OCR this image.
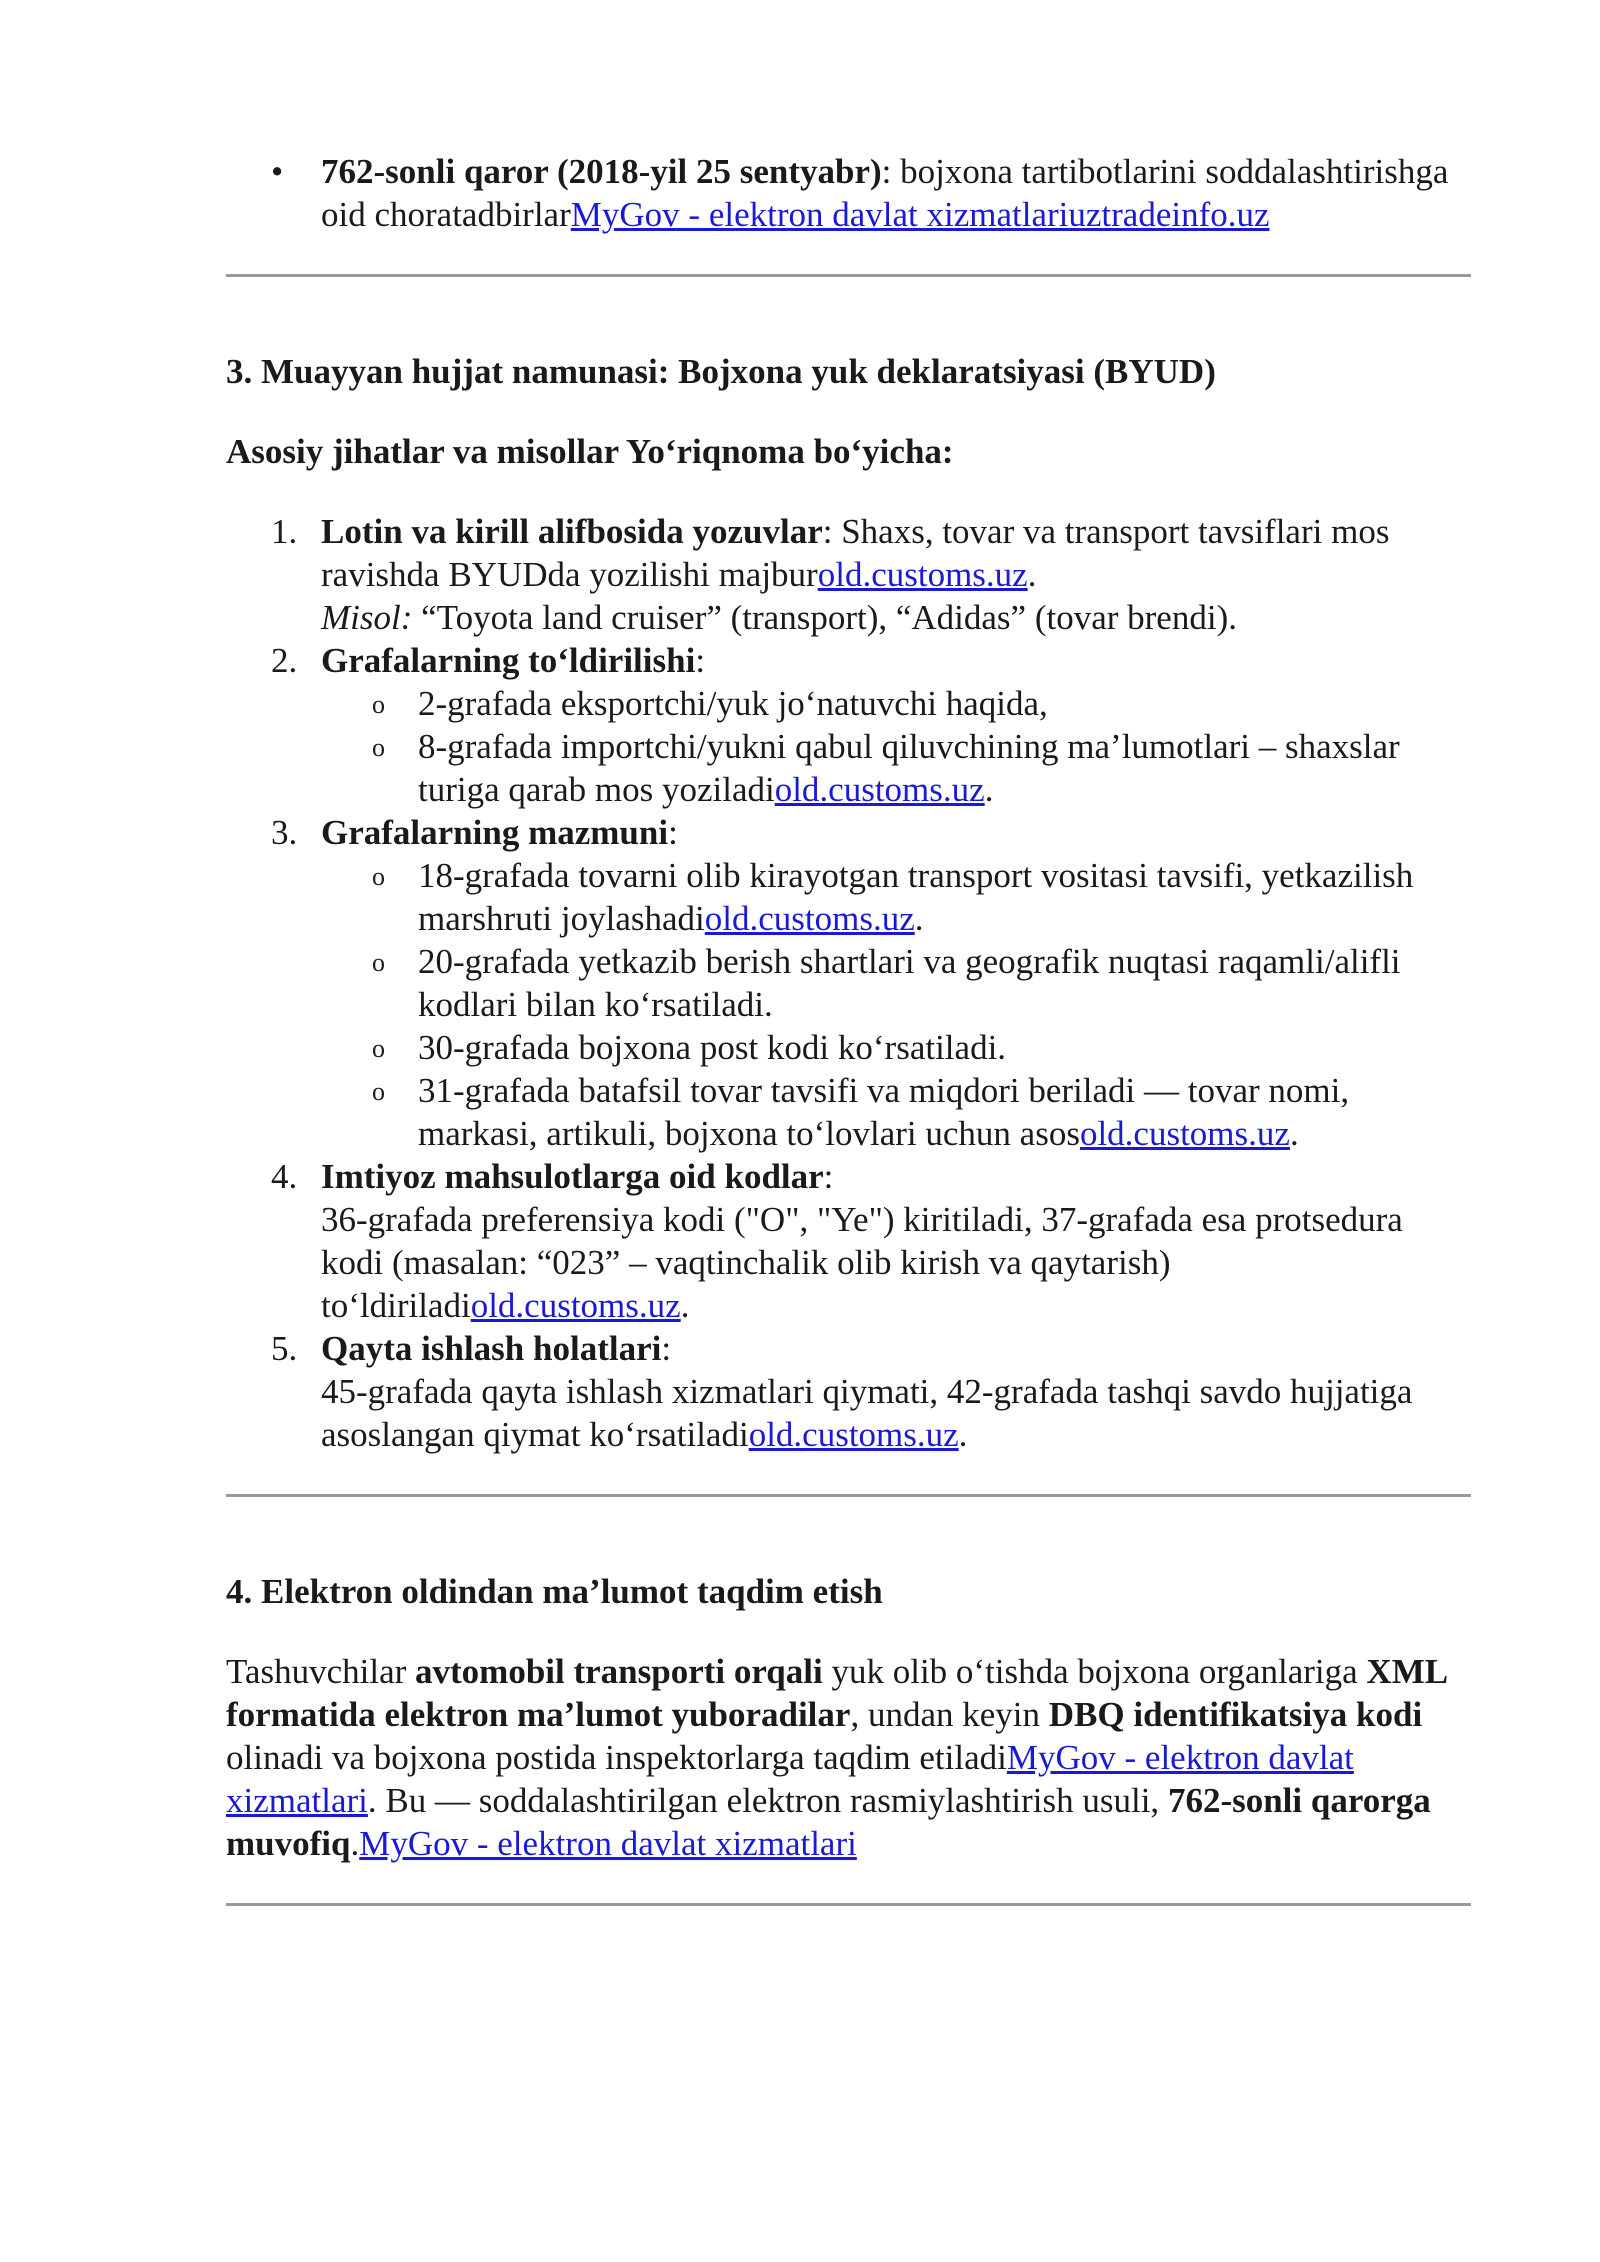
• 762-sonli qaror (2018-yil 25 sentyabr): bojxona tartibotlarini soddalashtirishga oid choratadbirlarMyGov - elektron davlat xizmatlariuztradeinfo.uz
3. Muayyan hujjat namunasi: Bojxona yuk deklaratsiyasi (BYUD)
Asosiy jihatlar va misollar Yo‘riqnoma bo‘yicha:
1. Lotin va kirill alifbosida yozuvlar: Shaxs, tovar va transport tavsiflari mos ravishda BYUDda yozilishi majburold.customs.uz.
Misol: “Toyota land cruiser” (transport), “Adidas” (tovar brendi).
2. Grafalarning to‘ldirilishi:
o 2-grafada eksportchi/yuk jo‘natuvchi haqida,
o 8-grafada importchi/yukni qabul qiluvchining ma’lumotlari – shaxslar turiga qarab mos yoziladiold.customs.uz.
3. Grafalarning mazmuni:
o 18-grafada tovarni olib kirayotgan transport vositasi tavsifi, yetkazilish marshruti joylashadiold.customs.uz.
o 20-grafada yetkazib berish shartlari va geografik nuqtasi raqamli/alifli kodlari bilan ko‘rsatiladi.
o 30-grafada bojxona post kodi ko‘rsatiladi.
o 31-grafada batafsil tovar tavsifi va miqdori beriladi — tovar nomi, markasi, artikuli, bojxona to‘lovlari uchun asosold.customs.uz.
4. Imtiyoz mahsulotlarga oid kodlar:
36-grafada preferensiya kodi ("O", "Ye") kiritiladi, 37-grafada esa protsedura kodi (masalan: “023” – vaqtinchalik olib kirish va qaytarish) to‘ldiriladiold.customs.uz.
5. Qayta ishlash holatlari:
45-grafada qayta ishlash xizmatlari qiymati, 42-grafada tashqi savdo hujjatiga asoslangan qiymat ko‘rsatiladiold.customs.uz.
4. Elektron oldindan ma’lumot taqdim etish

Tashuvchilar avtomobil transporti orqali yuk olib o‘tishda bojxona organlariga XML formatida elektron ma’lumot yuboradilar, undan keyin DBQ identifikatsiya kodi olinadi va bojxona postida inspektorlarga taqdim etiladiMyGov - elektron davlat xizmatlari. Bu — soddalashtirilgan elektron rasmiylashtirish usuli, 762-sonli qarorga muvofiq.MyGov - elektron davlat xizmatlari
